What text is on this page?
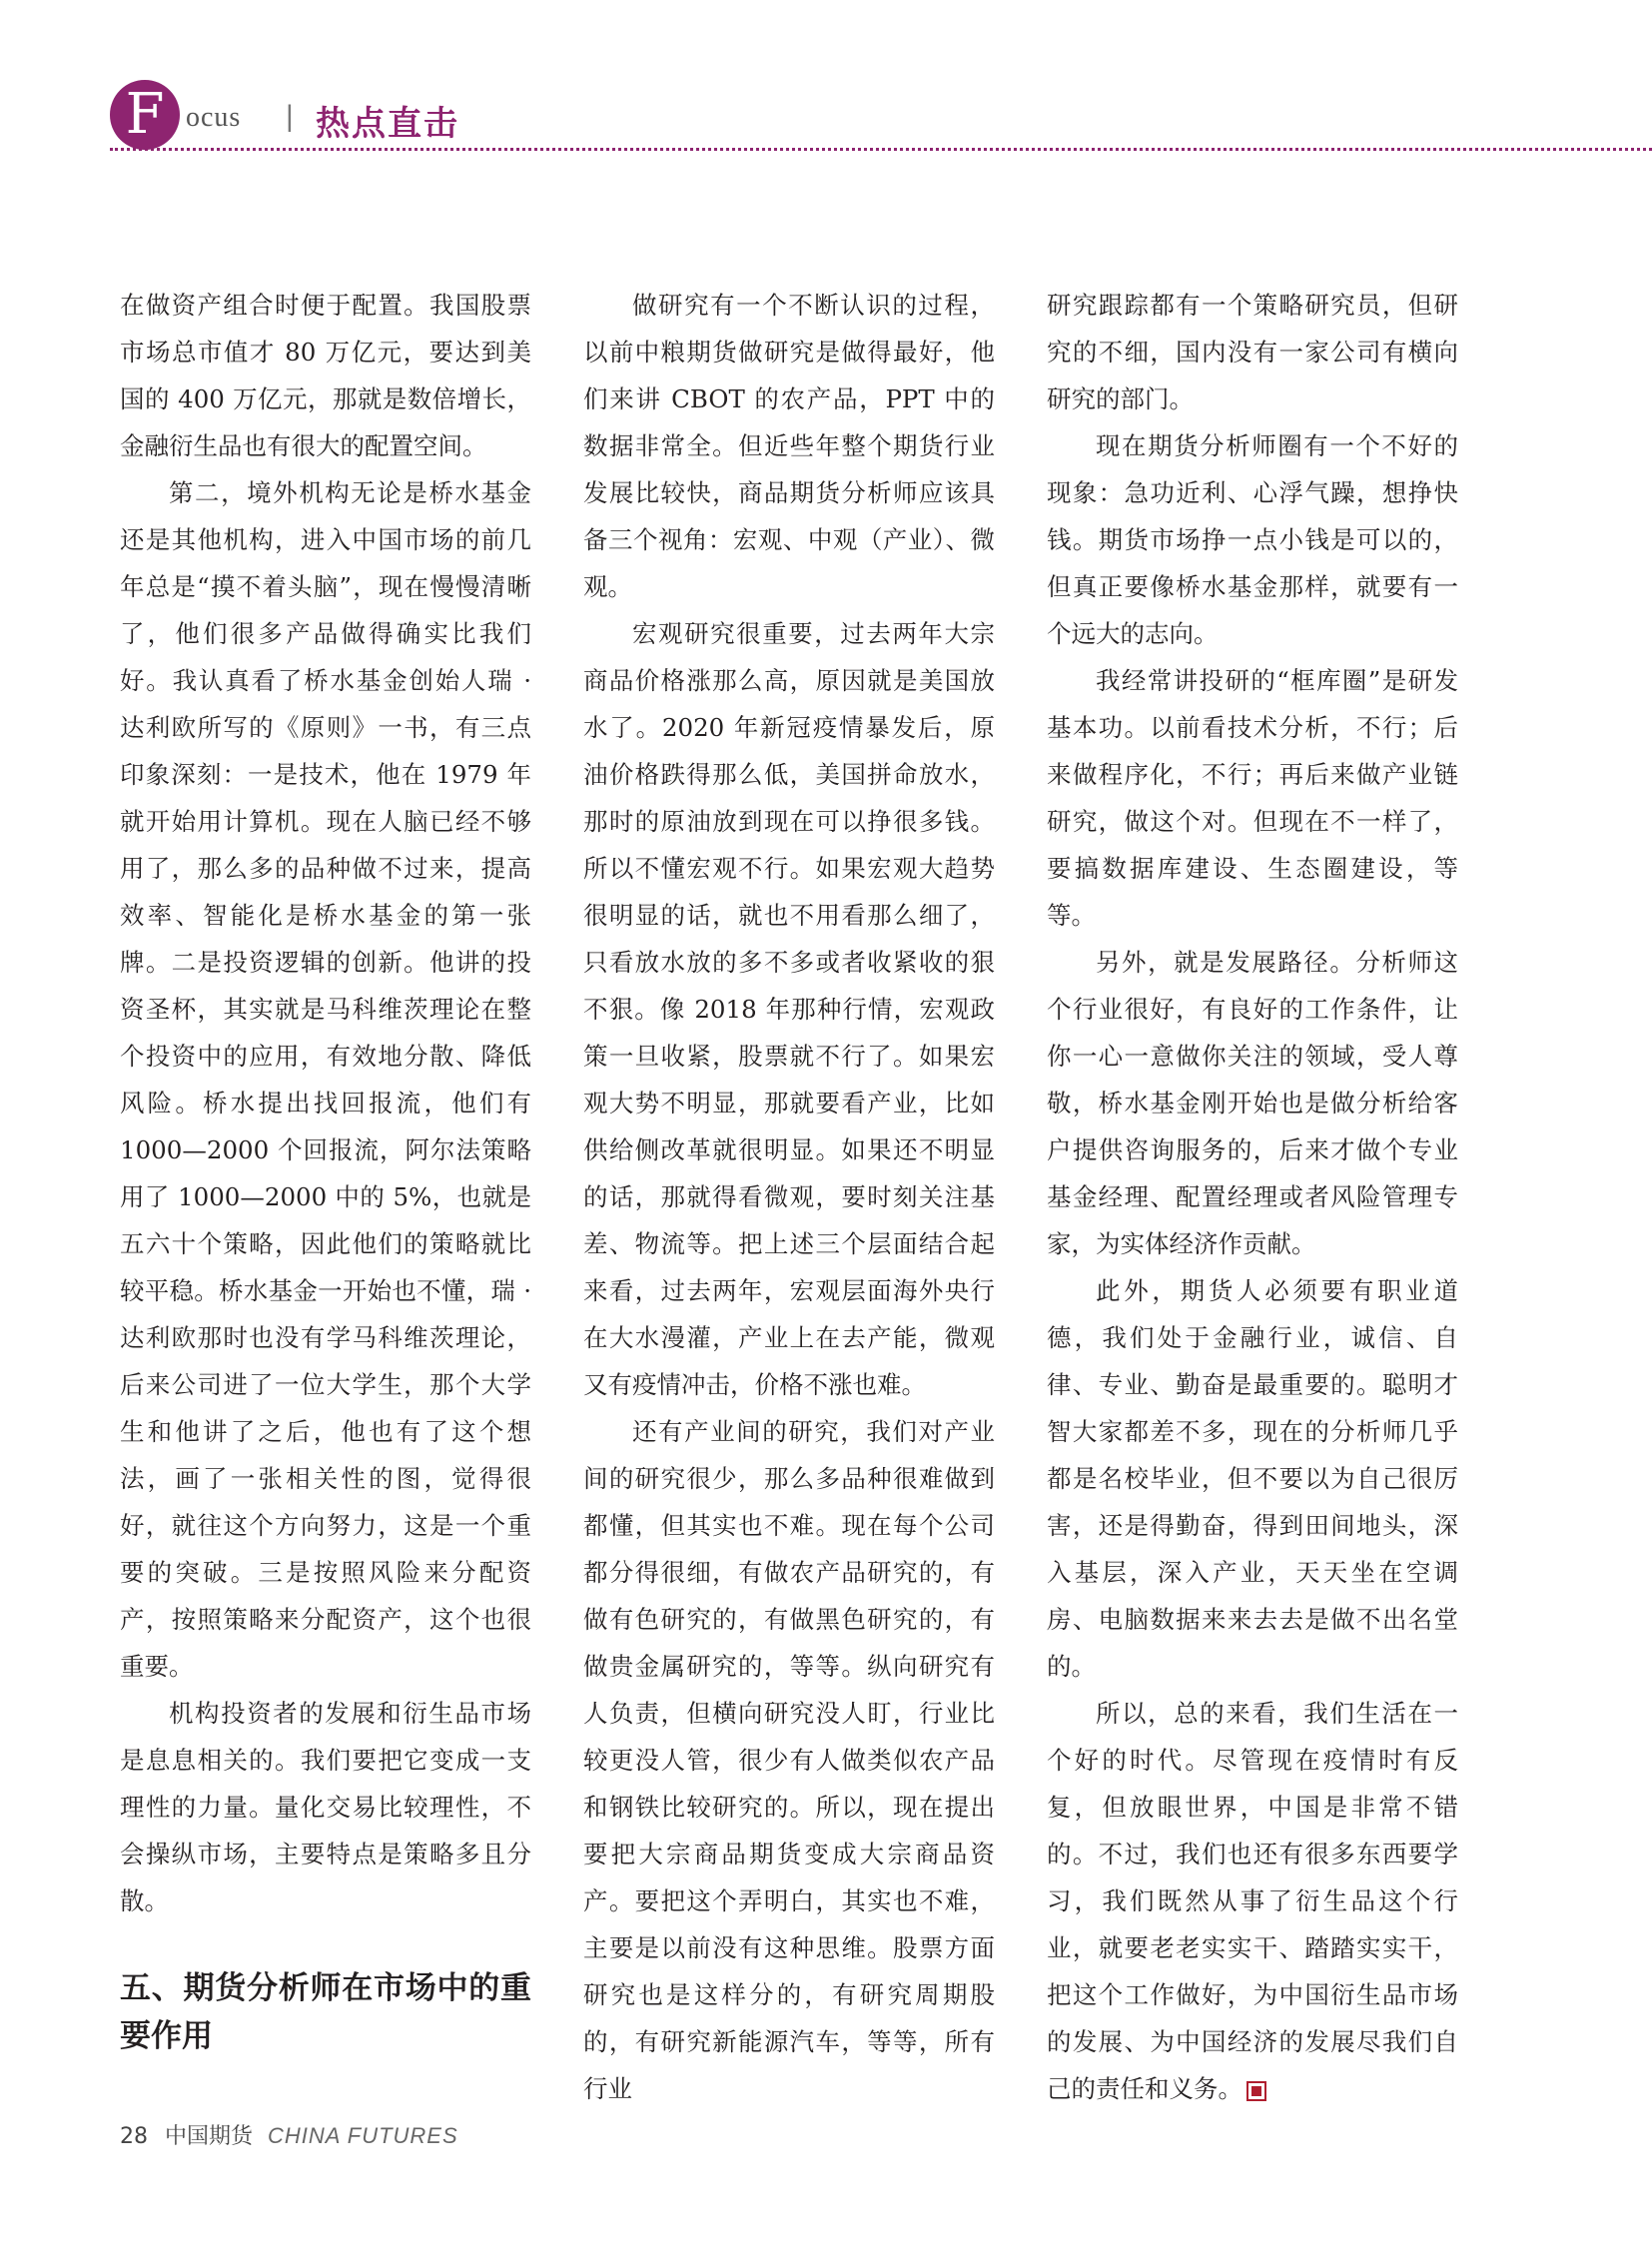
F ocus | 热点直击

在做资产组合时便于配置。我国股票市场总市值才 80 万亿元，要达到美国的 400 万亿元，那就是数倍增长，金融衍生品也有很大的配置空间。

第二，境外机构无论是桥水基金还是其他机构，进入中国市场的前几年总是“摸不着头脑”，现在慢慢清晰了，他们很多产品做得确实比我们好。我认真看了桥水基金创始人瑞 · 达利欧所写的《原则》一书，有三点印象深刻：一是技术，他在 1979 年就开始用计算机。现在人脑已经不够用了，那么多的品种做不过来，提高效率、智能化是桥水基金的第一张牌。二是投资逻辑的创新。他讲的投资圣杯，其实就是马科维茨理论在整个投资中的应用，有效地分散、降低风险。桥水提出找回报流，他们有 1000—2000 个回报流，阿尔法策略用了 1000—2000 中的 5%，也就是五六十个策略，因此他们的策略就比较平稳。桥水基金一开始也不懂，瑞 · 达利欧那时也没有学马科维茨理论，后来公司进了一位大学生，那个大学生和他讲了之后，他也有了这个想法，画了一张相关性的图，觉得很好，就往这个方向努力，这是一个重要的突破。三是按照风险来分配资产，按照策略来分配资产，这个也很重要。

机构投资者的发展和衍生品市场是息息相关的。我们要把它变成一支理性的力量。量化交易比较理性，不会操纵市场，主要特点是策略多且分散。

五、期货分析师在市场中的重要作用

做研究有一个不断认识的过程，以前中粮期货做研究是做得最好，他们来讲 CBOT 的农产品，PPT 中的数据非常全。但近些年整个期货行业发展比较快，商品期货分析师应该具备三个视角：宏观、中观（产业）、微观。

宏观研究很重要，过去两年大宗商品价格涨那么高，原因就是美国放水了。2020 年新冠疫情暴发后，原油价格跌得那么低，美国拼命放水，那时的原油放到现在可以挣很多钱。所以不懂宏观不行。如果宏观大趋势很明显的话，就也不用看那么细了，只看放水放的多不多或者收紧收的狠不狠。像 2018 年那种行情，宏观政策一旦收紧，股票就不行了。如果宏观大势不明显，那就要看产业，比如供给侧改革就很明显。如果还不明显的话，那就得看微观，要时刻关注基差、物流等。把上述三个层面结合起来看，过去两年，宏观层面海外央行在大水漫灌，产业上在去产能，微观又有疫情冲击，价格不涨也难。

还有产业间的研究，我们对产业间的研究很少，那么多品种很难做到都懂，但其实也不难。现在每个公司都分得很细，有做农产品研究的，有做有色研究的，有做黑色研究的，有做贵金属研究的，等等。纵向研究有人负责，但横向研究没人盯，行业比较更没人管，很少有人做类似农产品和钢铁比较研究的。所以，现在提出要把大宗商品期货变成大宗商品资产。要把这个弄明白，其实也不难，主要是以前没有这种思维。股票方面研究也是这样分的，有研究周期股的，有研究新能源汽车，等等，所有行业

研究跟踪都有一个策略研究员，但研究的不细，国内没有一家公司有横向研究的部门。

现在期货分析师圈有一个不好的现象：急功近利、心浮气躁，想挣快钱。期货市场挣一点小钱是可以的，但真正要像桥水基金那样，就要有一个远大的志向。

我经常讲投研的“框库圈”是研发基本功。以前看技术分析，不行；后来做程序化，不行；再后来做产业链研究，做这个对。但现在不一样了，要搞数据库建设、生态圈建设，等等。

另外，就是发展路径。分析师这个行业很好，有良好的工作条件，让你一心一意做你关注的领域，受人尊敬，桥水基金刚开始也是做分析给客户提供咨询服务的，后来才做个专业基金经理、配置经理或者风险管理专家，为实体经济作贡献。

此外，期货人必须要有职业道德，我们处于金融行业，诚信、自律、专业、勤奋是最重要的。聪明才智大家都差不多，现在的分析师几乎都是名校毕业，但不要以为自己很厉害，还是得勤奋，得到田间地头，深入基层，深入产业，天天坐在空调房、电脑数据来来去去是做不出名堂的。

所以，总的来看，我们生活在一个好的时代。尽管现在疫情时有反复，但放眼世界，中国是非常不错的。不过，我们也还有很多东西要学习，我们既然从事了衍生品这个行业，就要老老实实干、踏踏实实干，把这个工作做好，为中国衍生品市场的发展、为中国经济的发展尽我们自己的责任和义务。

28 中国期货 CHINA FUTURES
